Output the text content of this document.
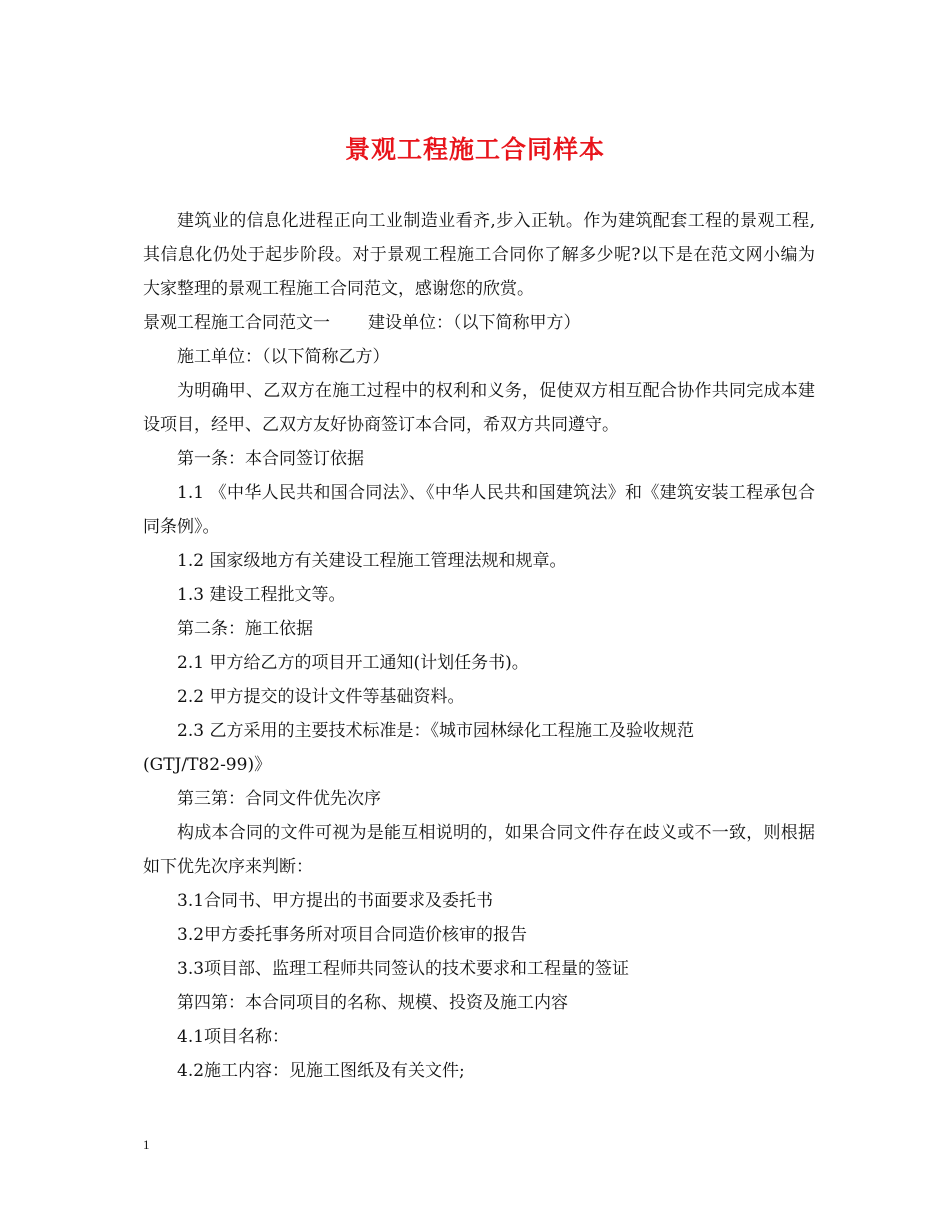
景观工程施工合同样本

建筑业的信息化进程正向工业制造业看齐,步入正轨。作为建筑配套工程的景观工程,其信息化仍处于起步阶段。对于景观工程施工合同你了解多少呢?以下是在范文网小编为大家整理的景观工程施工合同范文，感谢您的欣赏。

景观工程施工合同范文一 建设单位：（以下简称甲方）

施工单位：（以下简称乙方）

为明确甲、乙双方在施工过程中的权利和义务，促使双方相互配合协作共同完成本建设项目，经甲、乙双方友好协商签订本合同，希双方共同遵守。

第一条：本合同签订依据

1.1 《中华人民共和国合同法》、《中华人民共和国建筑法》和《建筑安装工程承包合同条例》。

1.2 国家级地方有关建设工程施工管理法规和规章。

1.3 建设工程批文等。

第二条：施工依据

2.1 甲方给乙方的项目开工通知(计划任务书)。

2.2 甲方提交的设计文件等基础资料。

2.3 乙方采用的主要技术标准是：《城市园林绿化工程施工及验收规范

(GTJ/T82-99)》

第三第：合同文件优先次序

构成本合同的文件可视为是能互相说明的，如果合同文件存在歧义或不一致，则根据如下优先次序来判断：

3.1合同书、甲方提出的书面要求及委托书

3.2甲方委托事务所对项目合同造价核审的报告

3.3项目部、监理工程师共同签认的技术要求和工程量的签证

第四第：本合同项目的名称、规模、投资及施工内容

4.1项目名称：

4.2施工内容：见施工图纸及有关文件;

1
